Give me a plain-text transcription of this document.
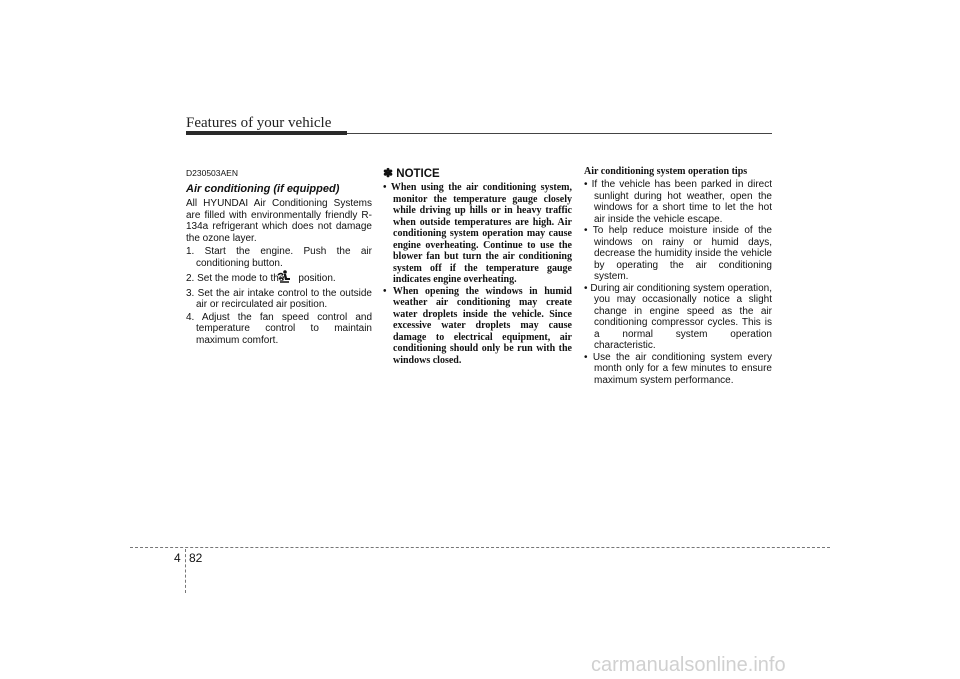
Features of your vehicle
D230503AEN
Air conditioning (if equipped)

All HYUNDAI Air Conditioning Systems are filled with environmentally friendly R-134a refrigerant which does not damage the ozone layer.

1. Start the engine. Push the air conditioning button.
2. Set the mode to the position.
3. Set the air intake control to the outside air or recirculated air position.
4. Adjust the fan speed control and temperature control to maintain maximum comfort.
✽ NOTICE
• When using the air conditioning system, monitor the temperature gauge closely while driving up hills or in heavy traffic when outside temperatures are high. Air conditioning system operation may cause engine overheating. Continue to use the blower fan but turn the air conditioning system off if the temperature gauge indicates engine overheating.
• When opening the windows in humid weather air conditioning may create water droplets inside the vehicle. Since excessive water droplets may cause damage to electrical equipment, air conditioning should only be run with the windows closed.
Air conditioning system operation tips
• If the vehicle has been parked in direct sunlight during hot weather, open the windows for a short time to let the hot air inside the vehicle escape.
• To help reduce moisture inside of the windows on rainy or humid days, decrease the humidity inside the vehicle by operating the air conditioning system.
• During air conditioning system operation, you may occasionally notice a slight change in engine speed as the air conditioning compressor cycles. This is a normal system operation characteristic.
• Use the air conditioning system every month only for a few minutes to ensure maximum system performance.
4 82
carmanualsonline.info
